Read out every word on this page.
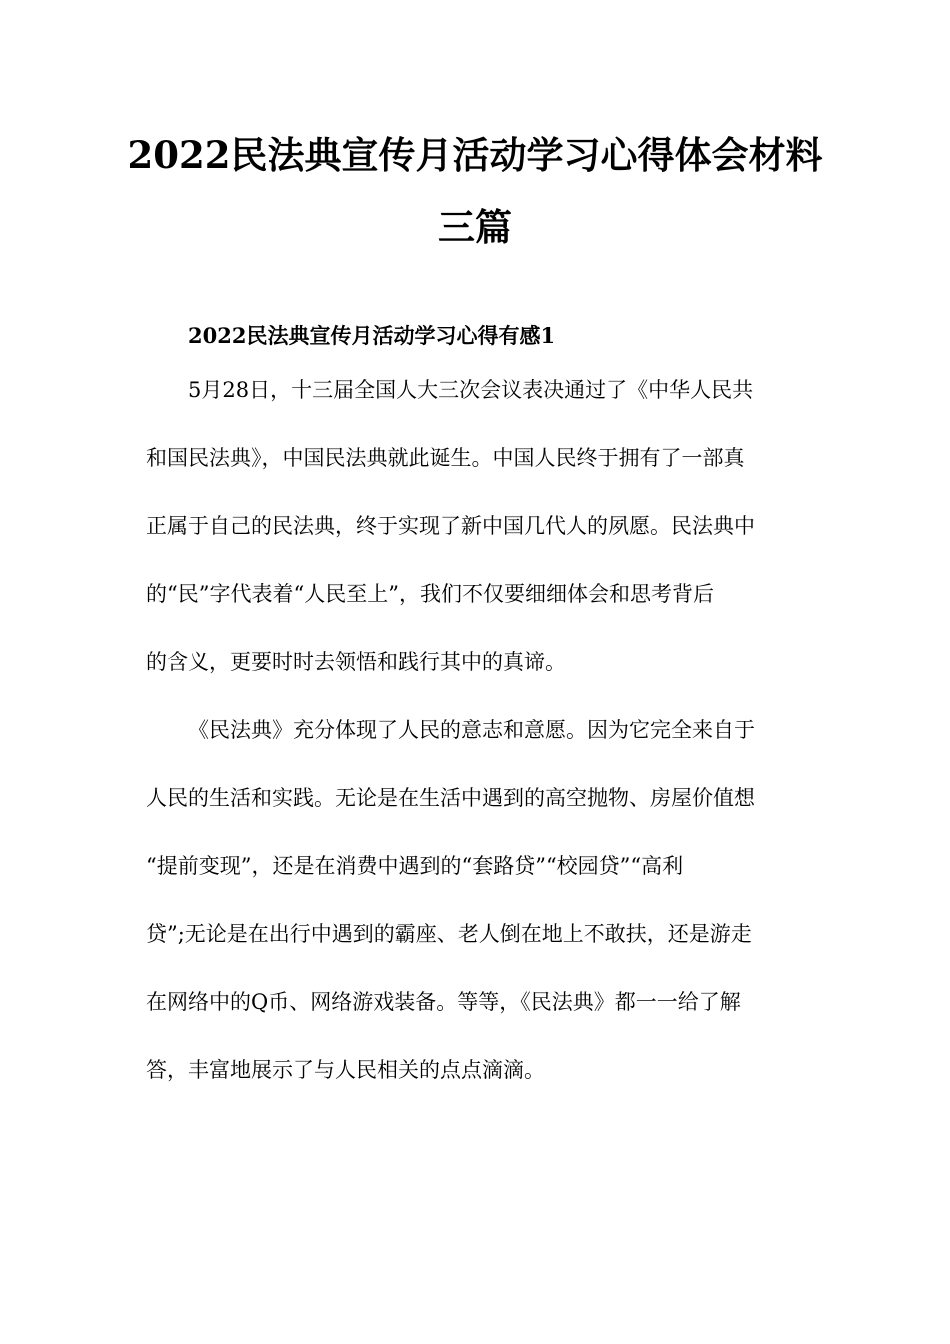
2022民法典宣传月活动学习心得体会材料
三篇
2022民法典宣传月活动学习心得有感1
5月28日，十三届全国人大三次会议表决通过了《中华人民共
和国民法典》，中国民法典就此诞生。中国人民终于拥有了一部真
正属于自己的民法典，终于实现了新中国几代人的夙愿。民法典中
的“民”字代表着“人民至上”，我们不仅要细细体会和思考背后
的含义，更要时时去领悟和践行其中的真谛。
《民法典》充分体现了人民的意志和意愿。因为它完全来自于
人民的生活和实践。无论是在生活中遇到的高空抛物、房屋价值想
“提前变现”，还是在消费中遇到的“套路贷”“校园贷”“高利
贷”;无论是在出行中遇到的霸座、老人倒在地上不敢扶，还是游走
在网络中的Q币、网络游戏装备。等等，《民法典》都一一给了解
答，丰富地展示了与人民相关的点点滴滴。
